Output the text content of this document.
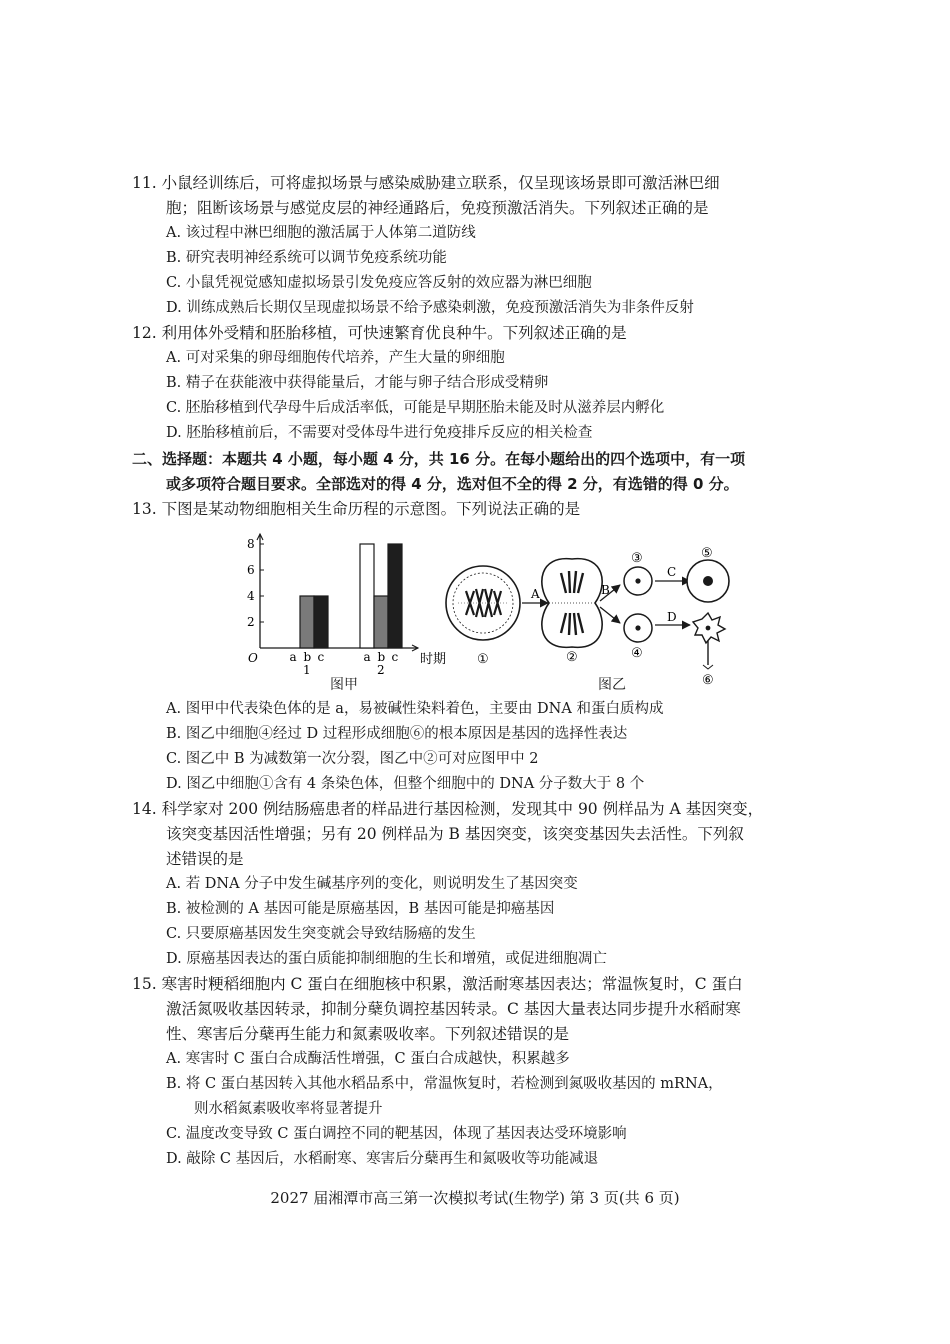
11. 小鼠经训练后，可将虚拟场景与感染威胁建立联系，仅呈现该场景即可激活淋巴细
胞；阻断该场景与感觉皮层的神经通路后，免疫预激活消失。下列叙述正确的是
A. 该过程中淋巴细胞的激活属于人体第二道防线
B. 研究表明神经系统可以调节免疫系统功能
C. 小鼠凭视觉感知虚拟场景引发免疫应答反射的效应器为淋巴细胞
D. 训练成熟后长期仅呈现虚拟场景不给予感染刺激，免疫预激活消失为非条件反射
12. 利用体外受精和胚胎移植，可快速繁育优良种牛。下列叙述正确的是
A. 可对采集的卵母细胞传代培养，产生大量的卵细胞
B. 精子在获能液中获得能量后，才能与卵子结合形成受精卵
C. 胚胎移植到代孕母牛后成活率低，可能是早期胚胎未能及时从滋养层内孵化
D. 胚胎移植前后，不需要对受体母牛进行免疫排斥反应的相关检查
二、选择题：本题共 4 小题，每小题 4 分，共 16 分。在每小题给出的四个选项中，有一项
或多项符合题目要求。全部选对的得 4 分，选对但不全的得 2 分，有选错的得 0 分。
13. 下图是某动物细胞相关生命历程的示意图。下列说法正确的是
2
4
6
8
O	时期
a b c
1
a b c
2
①	②
③
④
⑤
⑥
A	B
C
D
图甲	图乙
A. 图甲中代表染色体的是 a，易被碱性染料着色，主要由 DNA 和蛋白质构成
B. 图乙中细胞④经过 D 过程形成细胞⑥的根本原因是基因的选择性表达
C. 图乙中 B 为减数第一次分裂，图乙中②可对应图甲中 2
D. 图乙中细胞①含有 4 条染色体，但整个细胞中的 DNA 分子数大于 8 个
14. 科学家对 200 例结肠癌患者的样品进行基因检测，发现其中 90 例样品为 A 基因突变，
该突变基因活性增强；另有 20 例样品为 B 基因突变，该突变基因失去活性。下列叙
述错误的是
A. 若 DNA 分子中发生碱基序列的变化，则说明发生了基因突变
B. 被检测的 A 基因可能是原癌基因，B 基因可能是抑癌基因
C. 只要原癌基因发生突变就会导致结肠癌的发生
D. 原癌基因表达的蛋白质能抑制细胞的生长和增殖，或促进细胞凋亡
15. 寒害时粳稻细胞内 C 蛋白在细胞核中积累，激活耐寒基因表达；常温恢复时，C 蛋白
激活氮吸收基因转录，抑制分蘖负调控基因转录。C 基因大量表达同步提升水稻耐寒
性、寒害后分蘖再生能力和氮素吸收率。下列叙述错误的是
A. 寒害时 C 蛋白合成酶活性增强，C 蛋白合成越快，积累越多
B. 将 C 蛋白基因转入其他水稻品系中，常温恢复时，若检测到氮吸收基因的 mRNA，
则水稻氮素吸收率将显著提升
C. 温度改变导致 C 蛋白调控不同的靶基因，体现了基因表达受环境影响
D. 敲除 C 基因后，水稻耐寒、寒害后分蘖再生和氮吸收等功能减退
2027 届湘潭市高三第一次模拟考试(生物学) 第 3 页(共 6 页)
